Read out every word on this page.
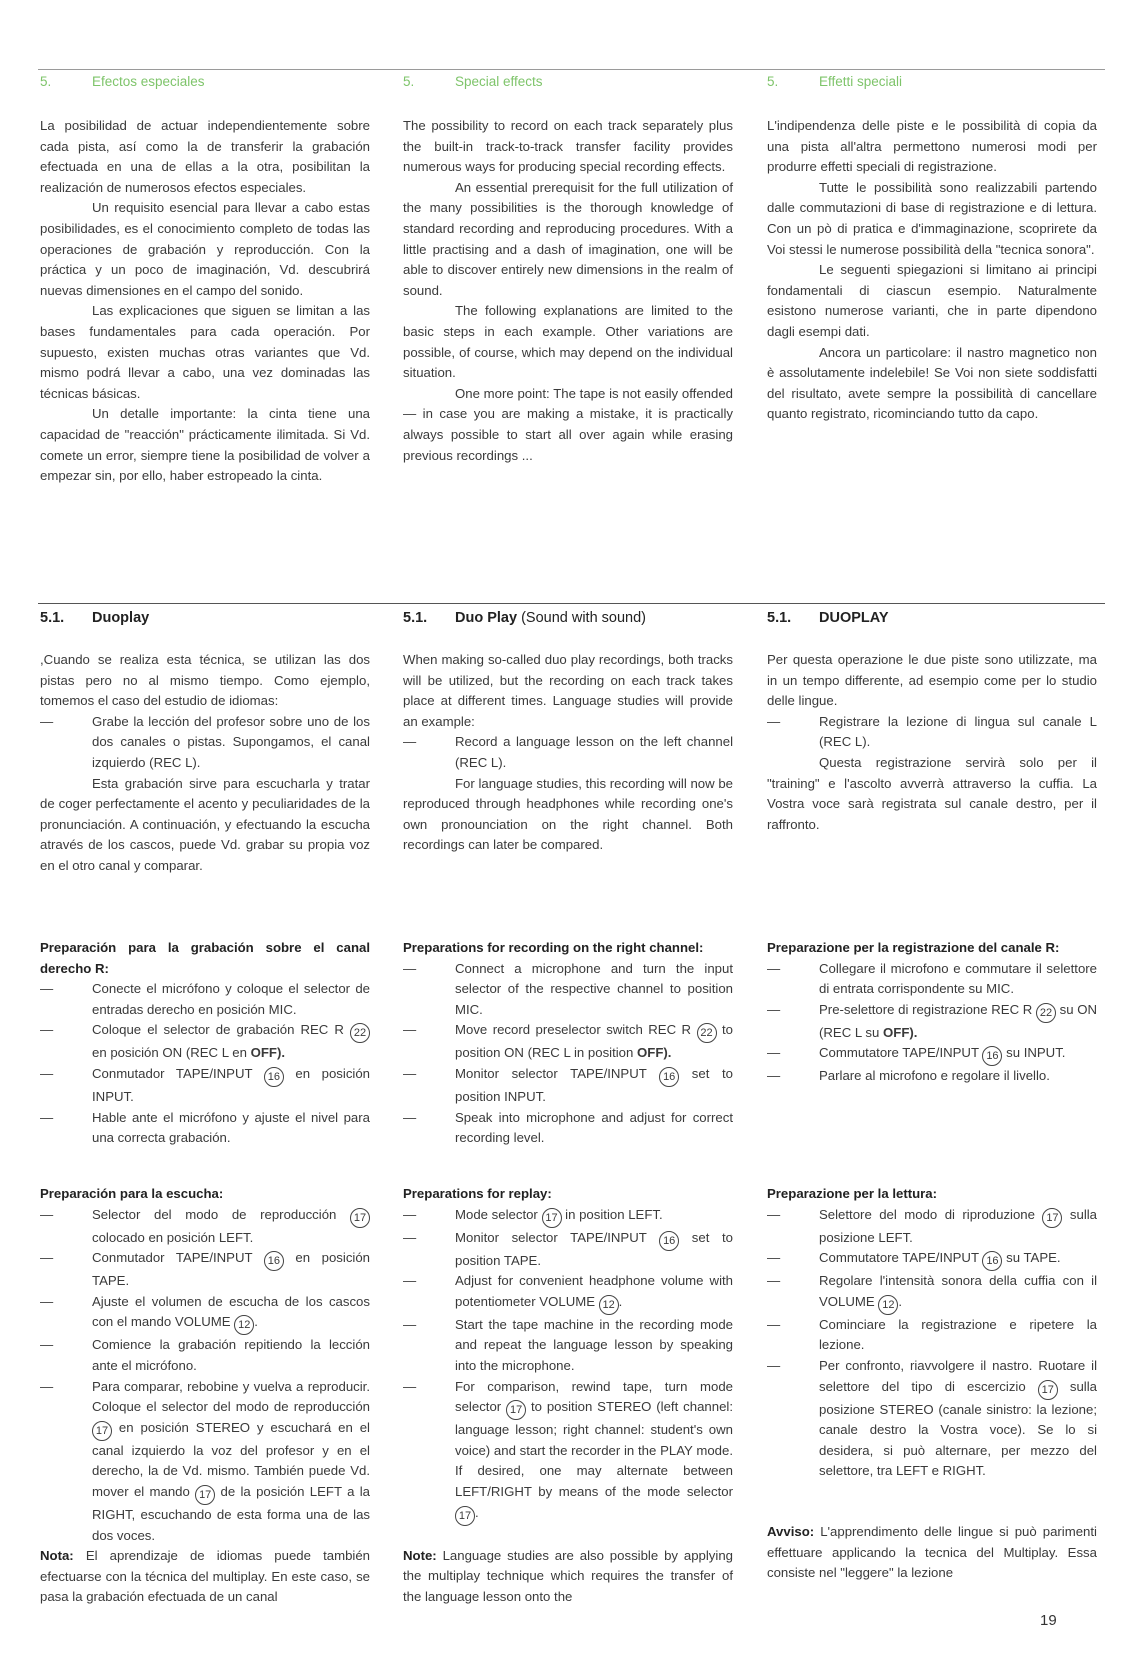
5.	Efectos especiales	5.	Special effects	5.	Effetti speciali

La posibilidad de actuar independientemente sobre cada pista, así como la de transferir la grabación efectuada en una de ellas a la otra, posibilitan la realización de numerosos efectos especiales.

Un requisito esencial para llevar a cabo estas posibilidades, es el conocimiento completo de todas las operaciones de grabación y reproducción. Con la práctica y un poco de imaginación, Vd. descubrirá nuevas dimensiones en el campo del sonido.

Las explicaciones que siguen se limitan a las bases fundamentales para cada operación. Por supuesto, existen muchas otras variantes que Vd. mismo podrá llevar a cabo, una vez dominadas las técnicas básicas.

Un detalle importante: la cinta tiene una capacidad de "reacción" prácticamente ilimitada. Si Vd. comete un error, siempre tiene la posibilidad de volver a empezar sin, por ello, haber estropeado la cinta.

The possibility to record on each track separately plus the built-in track-to-track transfer facility provides numerous ways for producing special recording effects.

An essential prerequisit for the full utilization of the many possibilities is the thorough knowledge of standard recording and reproducing procedures. With a little practising and a dash of imagination, one will be able to discover entirely new dimensions in the realm of sound.

The following explanations are limited to the basic steps in each example. Other variations are possible, of course, which may depend on the individual situation.

One more point: The tape is not easily offended — in case you are making a mistake, it is practically always possible to start all over again while erasing previous recordings ...

L'indipendenza delle piste e le possibilità di copia da una pista all'altra permettono numerosi modi per produrre effetti speciali di registrazione.

Tutte le possibilità sono realizzabili partendo dalle commutazioni di base di registrazione e di lettura. Con un pò di pratica e d'immaginazione, scoprirete da Voi stessi le numerose possibilità della "tecnica sonora".

Le seguenti spiegazioni si limitano ai principi fondamentali di ciascun esempio. Naturalmente esistono numerose varianti, che in parte dipendono dagli esempi dati.

Ancora un particolare: il nastro magnetico non è assolutamente indelebile! Se Voi non siete soddisfatti del risultato, avete sempre la possibilità di cancellare quanto registrato, ricominciando tutto da capo.

5.1. Duoplay	5.1. Duo Play (Sound with sound)	5.1. DUOPLAY

,Cuando se realiza esta técnica, se utilizan las dos pistas pero no al mismo tiempo. Como ejemplo, tomemos el caso del estudio de idiomas:

—	Grabe la lección del profesor sobre uno de los dos canales o pistas. Supongamos, el canal izquierdo (REC L).

Esta grabación sirve para escucharla y tratar de coger perfectamente el acento y peculiaridades de la pronunciación. A continuación, y efectuando la escucha através de los cascos, puede Vd. grabar su propia voz en el otro canal y comparar.

When making so-called duo play recordings, both tracks will be utilized, but the recording on each track takes place at different times. Language studies will provide an example:

—	Record a language lesson on the left channel (REC L).

For language studies, this recording will now be reproduced through headphones while recording one's own pronounciation on the right channel. Both recordings can later be compared.

Per questa operazione le due piste sono utilizzate, ma in un tempo differente, ad esempio come per lo studio delle lingue.

—	Registrare la lezione di lingua sul canale L (REC L).

Questa registrazione servirà solo per il "training" e l'ascolto avverrà attraverso la cuffia. La Vostra voce sarà registrata sul canale destro, per il raffronto.

Preparación para la grabación sobre el canal derecho R:

—	Conecte el micrófono y coloque el selector de entradas derecho en posición MIC.
—	Coloque el selector de grabación REC R 22 en posición ON (REC L en OFF).
—	Conmutador TAPE/INPUT 16 en posición INPUT.
—	Hable ante el micrófono y ajuste el nivel para una correcta grabación.

Preparations for recording on the right channel:

—	Connect a microphone and turn the input selector of the respective channel to position MIC.
—	Move record preselector switch REC R 22 to position ON (REC L in position OFF).
—	Monitor selector TAPE/INPUT 16 set to position INPUT.
—	Speak into microphone and adjust for correct recording level.

Preparazione per la registrazione del canale R:

—	Collegare il microfono e commutare il selettore di entrata corrispondente su MIC.
—	Pre-selettore di registrazione REC R 22 su ON (REC L su OFF).
—	Commutatore TAPE/INPUT 16 su INPUT.
—	Parlare al microfono e regolare il livello.

Preparación para la escucha:

—	Selector del modo de reproducción 17 colocado en posición LEFT.
—	Conmutador TAPE/INPUT 16 en posición TAPE.
—	Ajuste el volumen de escucha de los cascos con el mando VOLUME 12 .
—	Comience la grabación repitiendo la lección ante el micrófono.
—	Para comparar, rebobine y vuelva a reproducir. Coloque el selector del modo de reproducción 17 en posición STEREO y escuchará en el canal izquierdo la voz del profesor y en el derecho, la de Vd. mismo. También puede Vd. mover el mando 17 de la posición LEFT a la RIGHT, escuchando de esta forma una de las dos voces.

Nota: El aprendizaje de idiomas puede también efectuarse con la técnica del multiplay. En este caso, se pasa la grabación efectuada de un canal

Preparations for replay:

—	Mode selector 17 in position LEFT.
—	Monitor selector TAPE/INPUT 16 set to position TAPE.
—	Adjust for convenient headphone volume with potentiometer VOLUME 12 .
—	Start the tape machine in the recording mode and repeat the language lesson by speaking into the microphone.
—	For comparison, rewind tape, turn mode selector 17 to position STEREO (left channel: language lesson; right channel: student's own voice) and start the recorder in the PLAY mode. If desired, one may alternate between LEFT/RIGHT by means of the mode selector 17 .

Note: Language studies are also possible by applying the multiplay technique which requires the transfer of the language lesson onto the

Preparazione per la lettura:

—	Selettore del modo di riproduzione 17 sulla posizione LEFT.
—	Commutatore TAPE/INPUT 16 su TAPE.
—	Regolare l'intensità sonora della cuffia con il VOLUME 12 .
—	Cominciare la registrazione e ripetere la lezione.
—	Per confronto, riavvolgere il nastro. Ruotare il selettore del tipo di escercizio 17 sulla posizione STEREO (canale sinistro: la lezione; canale destro la Vostra voce). Se lo si desidera, si può alternare, per mezzo del selettore, tra LEFT e RIGHT.

Avviso: L'apprendimento delle lingue si può parimenti effettuare applicando la tecnica del Multiplay. Essa consiste nel "leggere" la lezione

19
